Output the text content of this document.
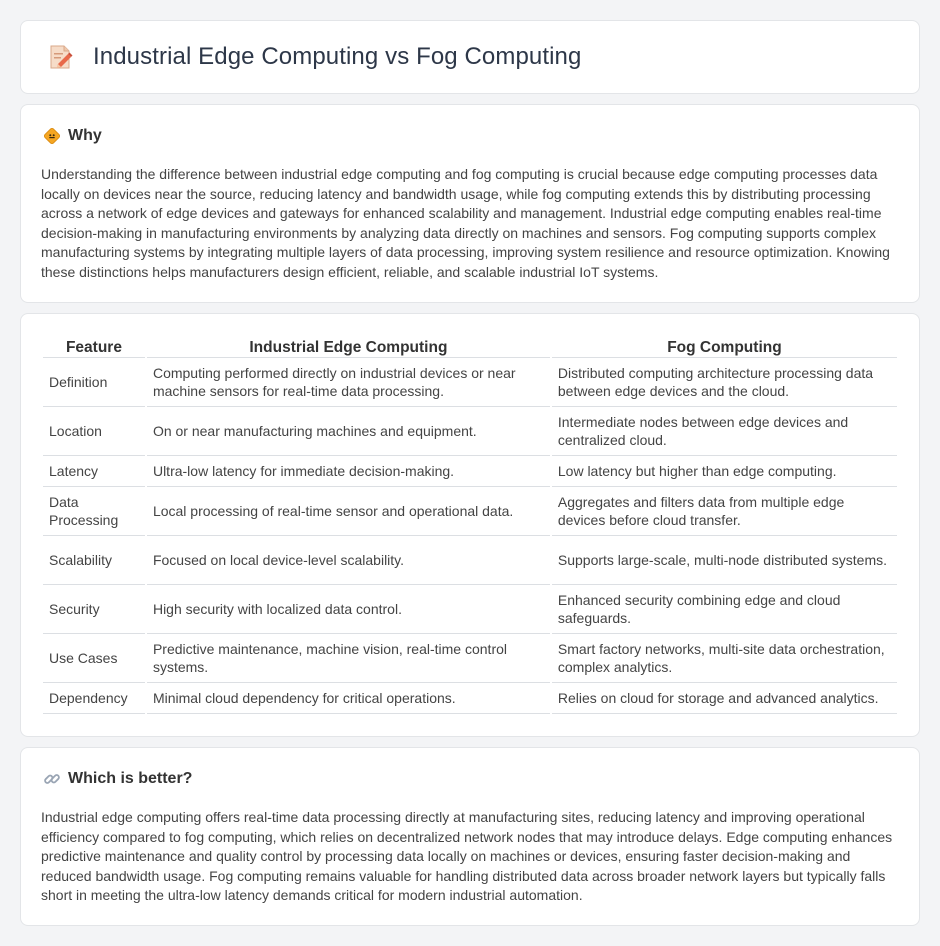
Industrial Edge Computing vs Fog Computing
Why

Understanding the difference between industrial edge computing and fog computing is crucial because edge computing processes data locally on devices near the source, reducing latency and bandwidth usage, while fog computing extends this by distributing processing across a network of edge devices and gateways for enhanced scalability and management. Industrial edge computing enables real-time decision-making in manufacturing environments by analyzing data directly on machines and sensors. Fog computing supports complex manufacturing systems by integrating multiple layers of data processing, improving system resilience and resource optimization. Knowing these distinctions helps manufacturers design efficient, reliable, and scalable industrial IoT systems.

Feature	Industrial Edge Computing	Fog Computing
Definition	Computing performed directly on industrial devices or near machine sensors for real-time data processing.	Distributed computing architecture processing data between edge devices and the cloud.
Location	On or near manufacturing machines and equipment.	Intermediate nodes between edge devices and centralized cloud.
Latency	Ultra-low latency for immediate decision-making.	Low latency but higher than edge computing.
Data Processing	Local processing of real-time sensor and operational data.	Aggregates and filters data from multiple edge devices before cloud transfer.
Scalability	Focused on local device-level scalability.	Supports large-scale, multi-node distributed systems.
Security	High security with localized data control.	Enhanced security combining edge and cloud safeguards.
Use Cases	Predictive maintenance, machine vision, real-time control systems.	Smart factory networks, multi-site data orchestration, complex analytics.
Dependency	Minimal cloud dependency for critical operations.	Relies on cloud for storage and advanced analytics.
Which is better?

Industrial edge computing offers real-time data processing directly at manufacturing sites, reducing latency and improving operational efficiency compared to fog computing, which relies on decentralized network nodes that may introduce delays. Edge computing enhances predictive maintenance and quality control by processing data locally on machines or devices, ensuring faster decision-making and reduced bandwidth usage. Fog computing remains valuable for handling distributed data across broader network layers but typically falls short in meeting the ultra-low latency demands critical for modern industrial automation.
